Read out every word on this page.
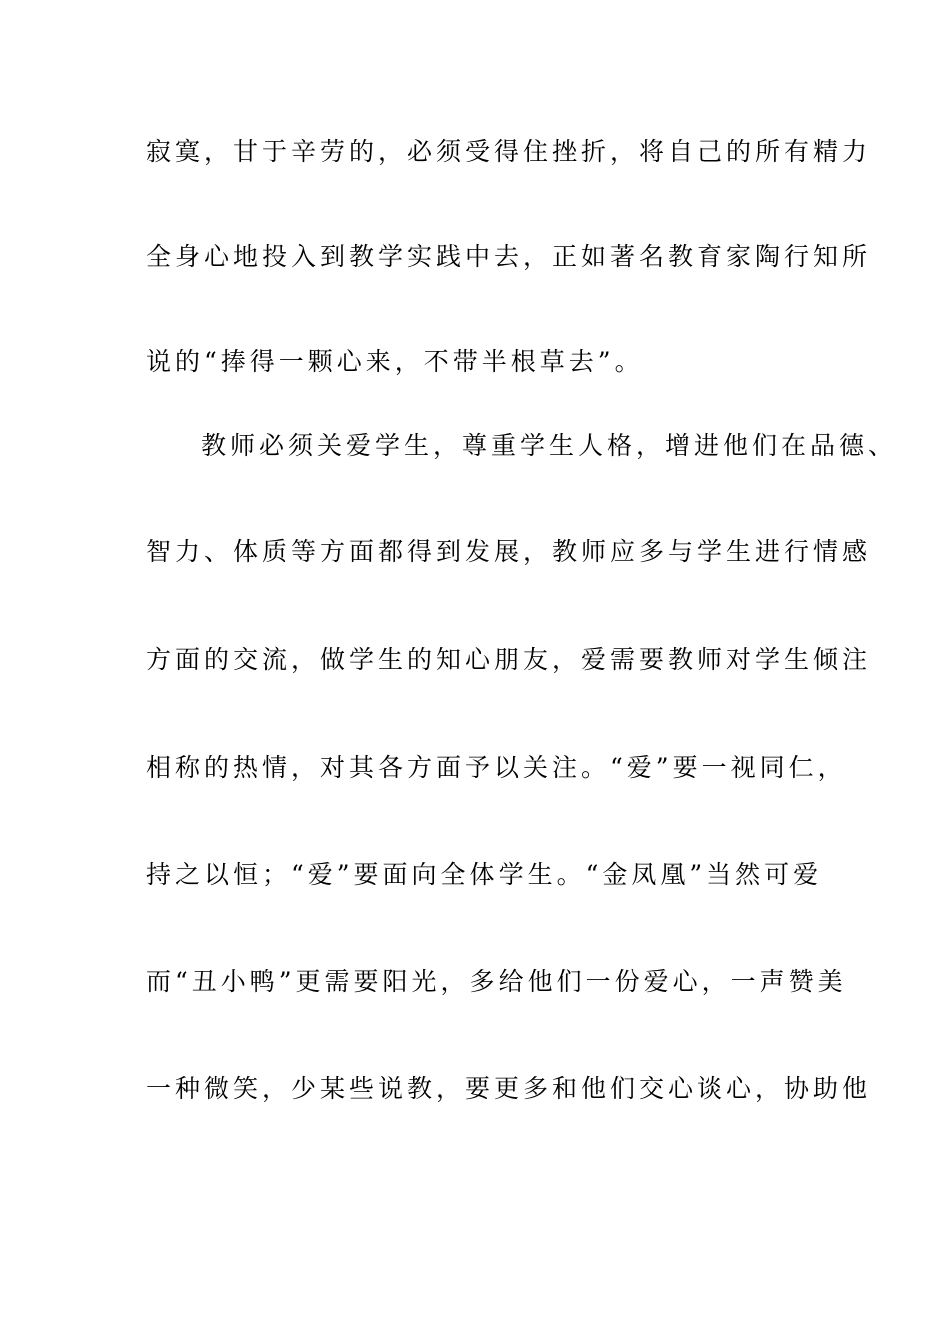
寂寞，甘于辛劳的，必须受得住挫折，将自己的所有精力
全身心地投入到教学实践中去，正如著名教育家陶行知所
说的“捧得一颗心来，不带半根草去”。
教师必须关爱学生，尊重学生人格，增进他们在品德、
智力、体质等方面都得到发展，教师应多与学生进行情感
方面的交流，做学生的知心朋友，爱需要教师对学生倾注
相称的热情，对其各方面予以关注。“爱”要一视同仁，
持之以恒；“爱”要面向全体学生。“金凤凰”当然可爱
而“丑小鸭”更需要阳光，多给他们一份爱心，一声赞美
一种微笑，少某些说教，要更多和他们交心谈心，协助他
